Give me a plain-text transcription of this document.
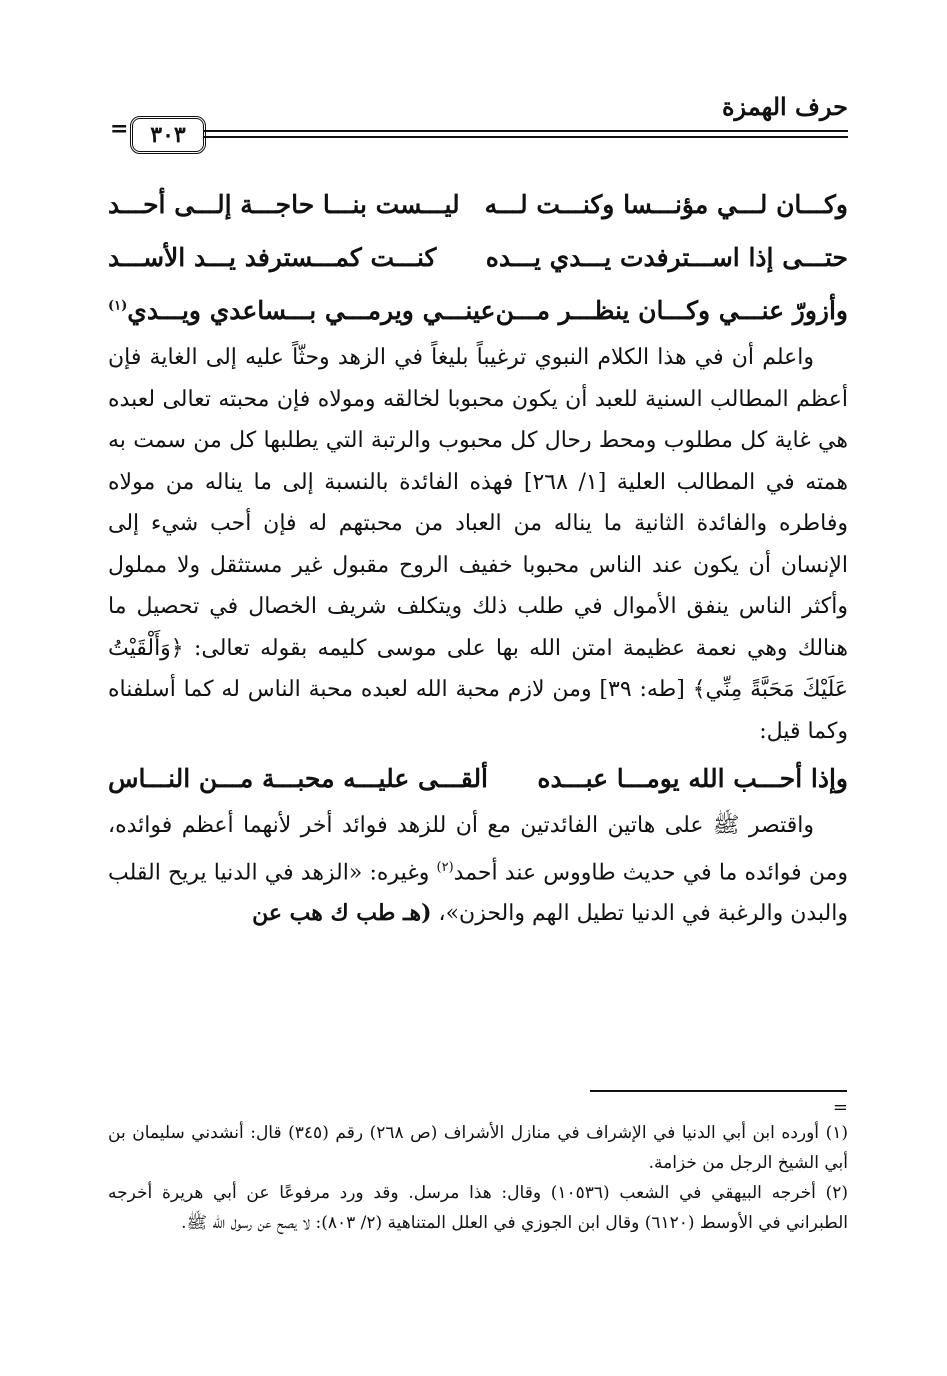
حرف الهمزة
٣٠٣
=
وكـــان لـــي مؤنـــسا وكنـــت لـــه
ليـــست بنـــا حاجـــة إلـــى أحـــد
حتـــى إذا اســـترفدت يـــدي يـــده
كنـــت كمـــسترفد يـــد الأســـد
وأزورّ عنـــي وكـــان ينظـــر مـــن
عينـــي ويرمـــي بـــساعدي ويـــدي$^{(١)}$

واعلم أن في هذا الكلام النبوي ترغيباً بليغاً في الزهد وحثّاً عليه إلى الغاية فإن أعظم المطالب السنية للعبد أن يكون محبوبا لخالقه ومولاه فإن محبته تعالى لعبده هي غاية كل مطلوب ومحط رحال كل محبوب والرتبة التي يطلبها كل من سمت به همته في المطالب العلية [١/ ٢٦٨] فهذه الفائدة بالنسبة إلى ما يناله من مولاه وفاطره والفائدة الثانية ما يناله من العباد من محبتهم له فإن أحب شيء إلى الإنسان أن يكون عند الناس محبوبا خفيف الروح مقبول غير مستثقل ولا مملول وأكثر الناس ينفق الأموال في طلب ذلك ويتكلف شريف الخصال في تحصيل ما هنالك وهي نعمة عظيمة امتن الله بها على موسى كليمه بقوله تعالى: ﴿وَأَلْقَيْتُ عَلَيْكَ مَحَبَّةً مِنِّي﴾ [طه: ٣٩] ومن لازم محبة الله لعبده محبة الناس له كما أسلفناه وكما قيل:

وإذا أحـــب الله يومـــا عبـــده
ألقـــى عليـــه محبـــة مـــن النـــاس

واقتصر ﷺ على هاتين الفائدتين مع أن للزهد فوائد أخر لأنهما أعظم فوائده، ومن فوائده ما في حديث طاووس عند أحمد$^{(٢)}$ وغيره: «الزهد في الدنيا يريح القلب والبدن والرغبة في الدنيا تطيل الهم والحزن»، (هـ طب ك هب عن

=

(١) أورده ابن أبي الدنيا في الإشراف في منازل الأشراف (ص ٢٦٨) رقم (٣٤٥) قال: أنشدني سليمان بن أبي الشيخ الرجل من خزامة.

(٢) أخرجه البيهقي في الشعب (١٠٥٣٦) وقال: هذا مرسل. وقد ورد مرفوعًا عن أبي هريرة أخرجه الطبراني في الأوسط (٦١٢٠) وقال ابن الجوزي في العلل المتناهية (٢/ ٨٠٣): لا يصح عن رسول الله ﷺ.
